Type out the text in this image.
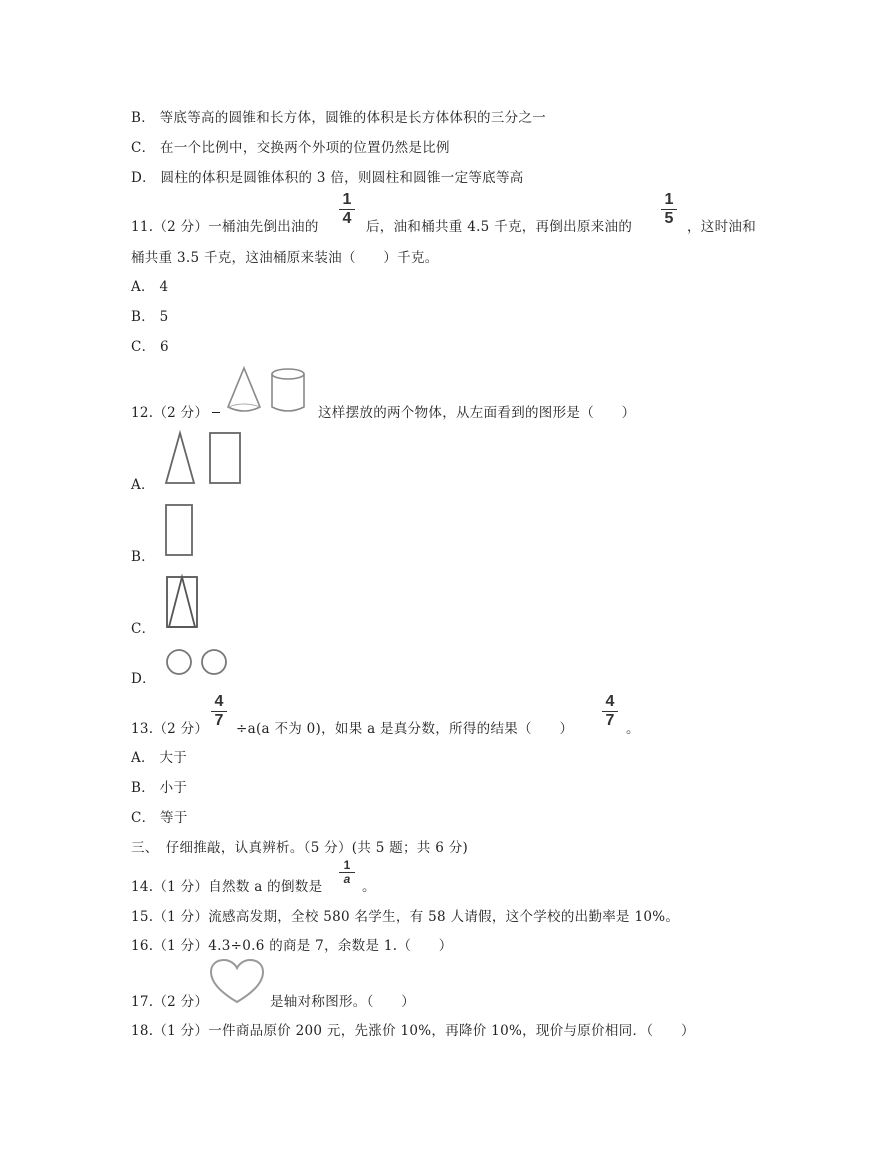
B． 等底等高的圆锥和长方体，圆锥的体积是长方体体积的三分之一
C． 在一个比例中，交换两个外项的位置仍然是比例
D． 圆柱的体积是圆锥体积的 3 倍，则圆柱和圆锥一定等底等高
11.（2 分）一桶油先倒出油的
1
4 后，油和桶共重 4.5 千克，再倒出原来油的
1
5 ，这时油和
桶共重 3.5 千克，这油桶原来装油（　　）千克。
A． 4
B． 5
C． 6
12.（2 分）	这样摆放的两个物体，从左面看到的图形是（　　）
A．
B．
C．
D．
13.（2 分）
4
7 ÷a(a 不为 0)，如果 a 是真分数，所得的结果（　　）
4
7 。
A． 大于
B． 小于
C． 等于
三、　仔细推敲，认真辨析。（5 分）(共 5 题；共 6 分)
14.（1 分）自然数 a 的倒数是
1
a 。
15.（1 分）流感高发期，全校 580 名学生，有 58 人请假，这个学校的出勤率是 10%。
16.（1 分）4.3÷0.6 的商是 7，余数是 1.（　　）
17.（2 分）	是轴对称图形。（　　）
18.（1 分）一件商品原价 200 元，先涨价 10%，再降价 10%，现价与原价相同．（　　）
